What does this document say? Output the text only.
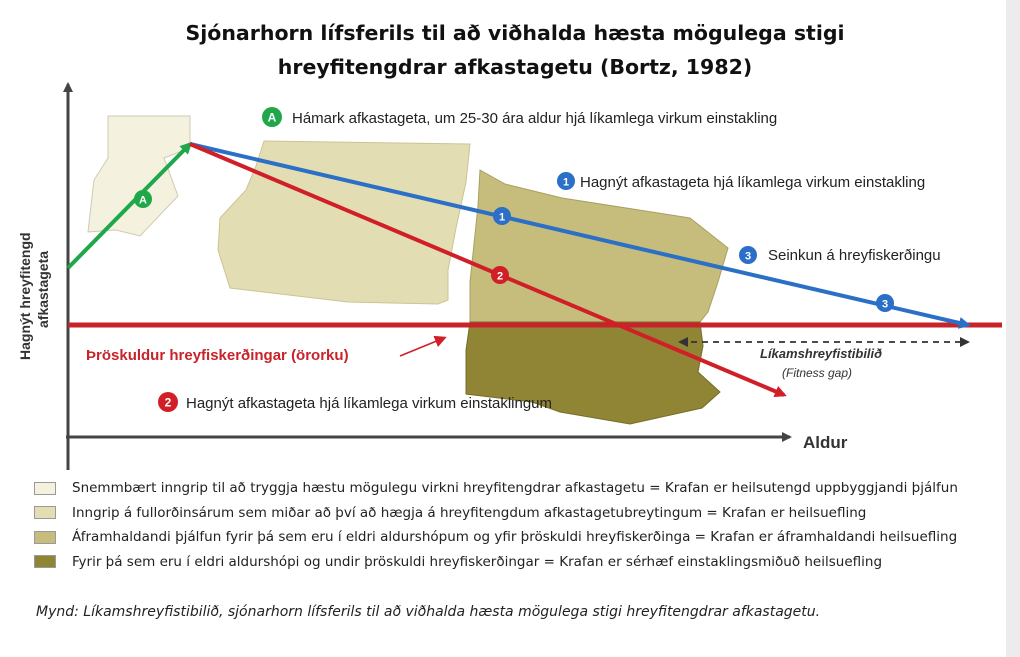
Sjónarhorn lífsferils til að viðhalda hæsta mögulega stigi
hreyfitengdrar afkastagetu (Bortz, 1982)
A
1
2
3
A
1
3
2
Hámark afkastageta, um 25-30 ára aldur hjá líkamlega virkum einstakling
Hagnýt afkastageta hjá líkamlega virkum einstakling
Seinkun á hreyfiskerðingu
Hagnýt afkastageta hjá líkamlega virkum einstaklingum
Þröskuldur hreyfiskerðingar (örorku)	Líkamshreyfistibilið
(Fitness gap)
Aldur
Hagnýt hreyfitengd afkastageta
Snemmbært inngrip til að tryggja hæstu mögulegu virkni hreyfitengdrar afkastagetu = Krafan er heilsutengd uppbyggjandi þjálfun
Inngrip á fullorðinsárum sem miðar að því að hægja á hreyfitengdum afkastagetubreytingum = Krafan er heilsuefling
Áframhaldandi þjálfun fyrir þá sem eru í eldri aldurshópum og yfir þröskuldi hreyfiskerðinga = Krafan er áframhaldandi heilsuefling
Fyrir þá sem eru í eldri aldurshópi og undir þröskuldi hreyfiskerðingar = Krafan er sérhæf einstaklingsmiðuð heilsuefling
Mynd: Líkamshreyfistibilið, sjónarhorn lífsferils til að viðhalda hæsta mögulega stigi hreyfitengdrar afkastagetu.
